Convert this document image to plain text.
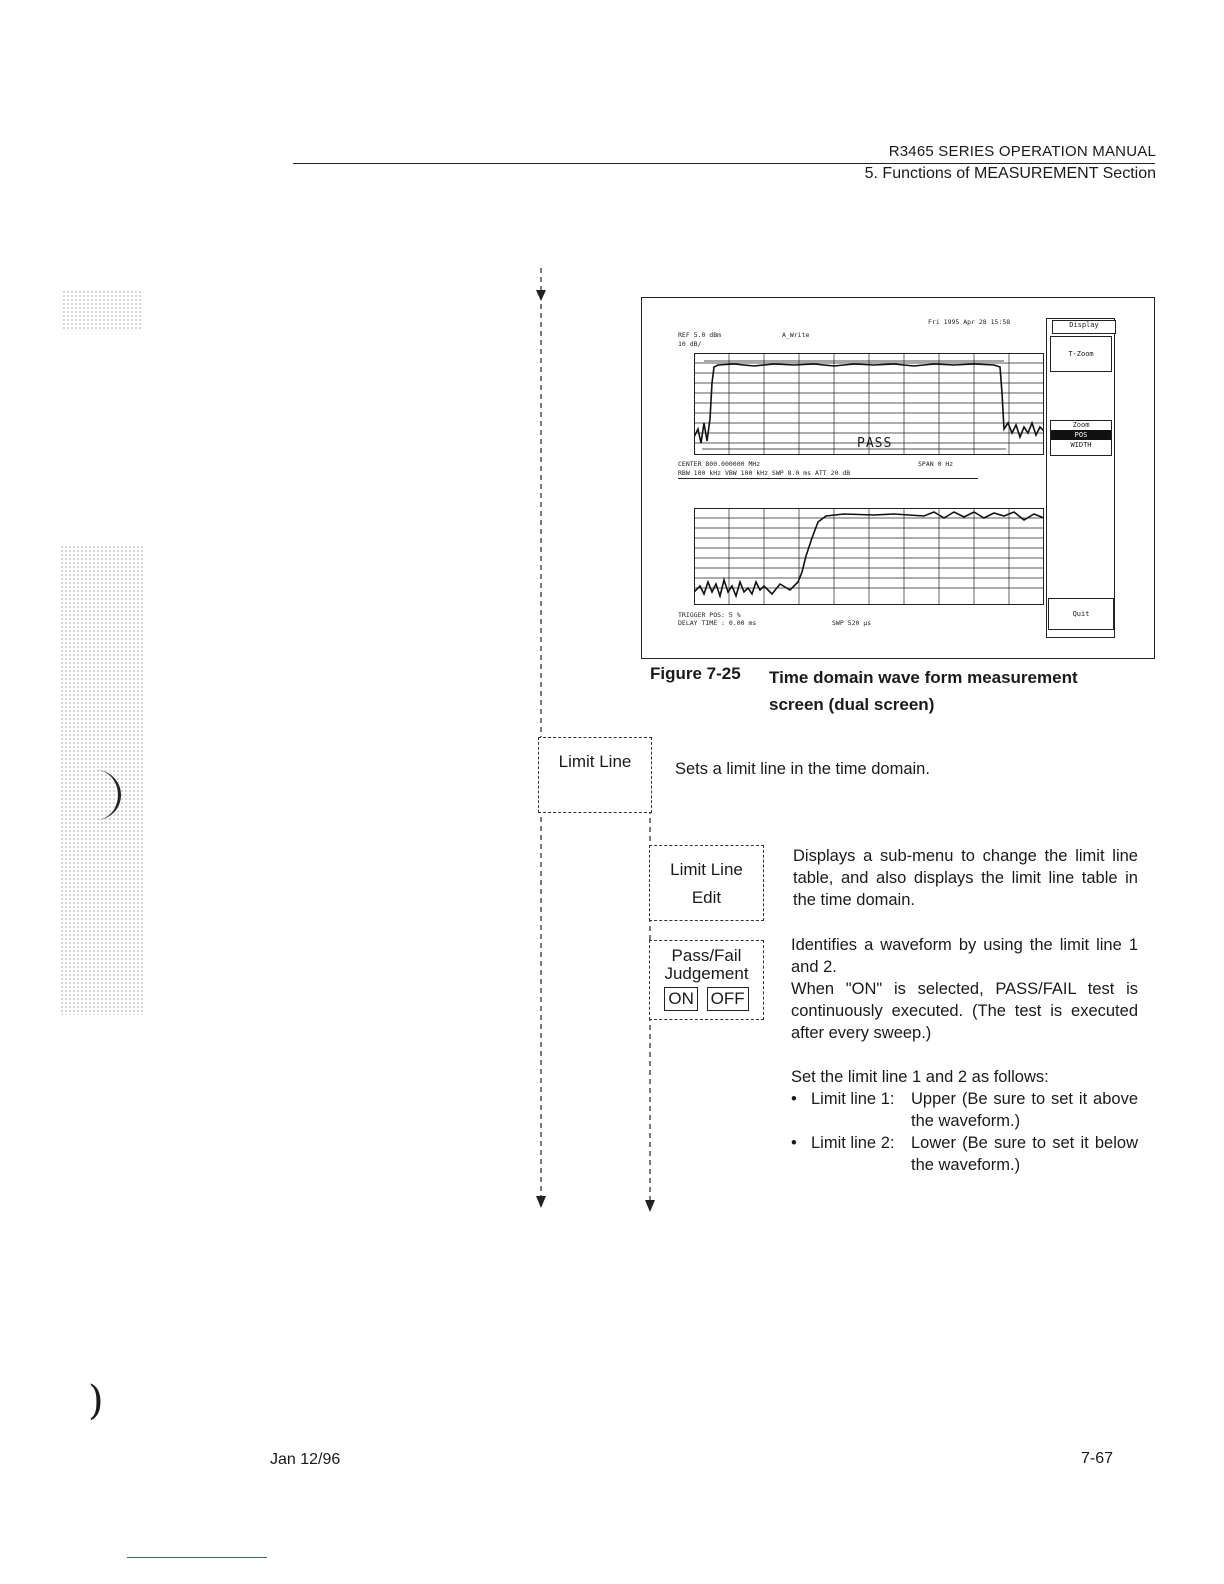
)
R3465 SERIES OPERATION MANUAL
5. Functions of MEASUREMENT Section
Fri 1995 Apr 28 15:58
REF 5.0 dBm
10 dB/
A_Write
PASS
CENTER 800.000000 MHz	SPAN 0 Hz
RBW 100 kHz VBW 100 kHz SWP 8.0 ms ATT 20 dB
TRIGGER POS: 5 %
DELAY TIME : 0.00 ms	SWP 520 µs
Display
T-Zoom
Zoom
POS
WIDTH
Quit
Figure 7-25 Time domain wave form measurement
screen (dual screen)
Limit Line	Sets a limit line in the time domain.
Limit Line
Edit
Displays a sub-menu to change the limit line table, and also displays the limit line table in the time domain.
Pass/Fail
Judgement
ON OFF
Identifies a waveform by using the limit line 1 and 2.
When "ON" is selected, PASS/FAIL test is continuously executed. (The test is executed after every sweep.)
Set the limit line 1 and 2 as follows:
• Limit line 1:	Upper (Be sure to set it above the waveform.)
• Limit line 2:	Lower (Be sure to set it below the waveform.)
Jan 12/96	7-67
